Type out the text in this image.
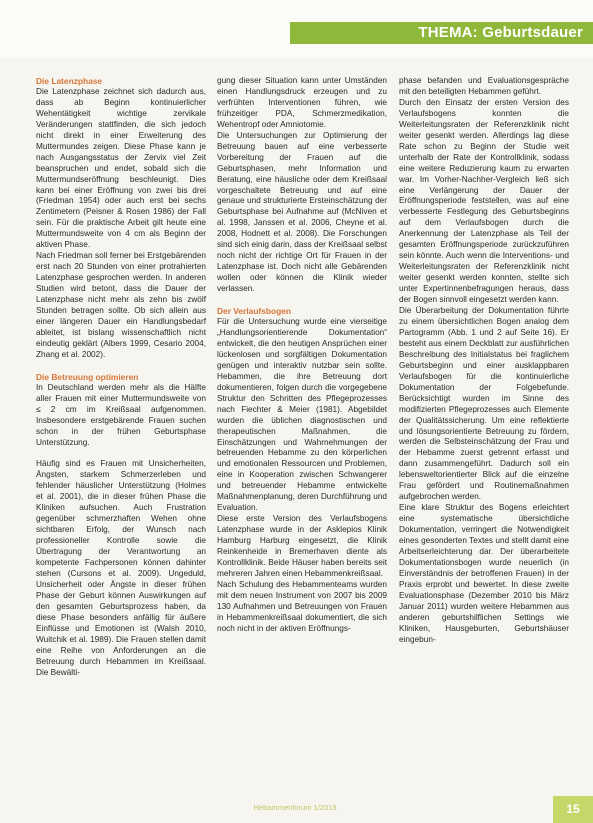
THEMA: Geburtsdauer

Die Latenzphase

Die Latenzphase zeichnet sich dadurch aus, dass ab Beginn kontinuierlicher Wehentätigkeit wichtige zervikale Veränderungen stattfinden, die sich jedoch nicht direkt in einer Erweiterung des Muttermundes zeigen. Diese Phase kann je nach Ausgangsstatus der Zervix viel Zeit beanspruchen und endet, sobald sich die Muttermundseröffnung beschleunigt. Dies kann bei einer Eröffnung von zwei bis drei (Friedman 1954) oder auch erst bei sechs Zentimetern (Peisner & Rosen 1986) der Fall sein. Für die praktische Arbeit gilt heute eine Muttermundsweite von 4 cm als Beginn der aktiven Phase.

Nach Friedman soll ferner bei Erstgebärenden erst nach 20 Stunden von einer protrahierten Latenzphase gesprochen werden. In anderen Studien wird betont, dass die Dauer der Latenzphase nicht mehr als zehn bis zwölf Stunden betragen sollte. Ob sich allein aus einer längeren Dauer ein Handlungsbedarf ableitet, ist bislang wissenschaftlich nicht eindeutig geklärt (Albers 1999, Cesario 2004, Zhang et al. 2002).

Die Betreuung optimieren

In Deutschland werden mehr als die Hälfte aller Frauen mit einer Muttermundsweite von ≤ 2 cm im Kreißsaal aufgenommen. Insbesondere erstgebärende Frauen suchen schon in der frühen Geburtsphase Unterstützung.

Häufig sind es Frauen mit Unsicherheiten, Ängsten, starkem Schmerzerleben und fehlender häuslicher Unterstützung (Holmes et al. 2001), die in dieser frühen Phase die Kliniken aufsuchen. Auch Frustration gegenüber schmerzhaften Wehen ohne sichtbaren Erfolg, der Wunsch nach professioneller Kontrolle sowie die Übertragung der Verantwortung an kompetente Fachpersonen können dahinter stehen (Cursons et al. 2009). Ungeduld, Unsicherheit oder Ängste in dieser frühen Phase der Geburt können Auswirkungen auf den gesamten Geburtsprozess haben, da diese Phase besonders anfällig für äußere Einflüsse und Emotionen ist (Walsh 2010, Wuitchik et al. 1989). Die Frauen stellen damit eine Reihe von Anforderungen an die Betreuung durch Hebammen im Kreißsaal. Die Bewälti-

gung dieser Situation kann unter Umständen einen Handlungsdruck erzeugen und zu verfrühten Interventionen führen, wie frühzeitiger PDA, Schmerzmedikation, Wehentropf oder Amniotomie.

Die Untersuchungen zur Optimierung der Betreuung bauen auf eine verbesserte Vorbereitung der Frauen auf die Geburtsphasen, mehr Information und Beratung, eine häusliche oder dem Kreißsaal vorgeschaltete Betreuung und auf eine genaue und strukturierte Ersteinschätzung der Geburtsphase bei Aufnahme auf (McNiven et al. 1998, Janssen et al. 2006, Cheyne et al. 2008, Hodnett et al. 2008). Die Forschungen sind sich einig darin, dass der Kreißsaal selbst noch nicht der richtige Ort für Frauen in der Latenzphase ist. Doch nicht alle Gebärenden wollen oder können die Klinik wieder verlassen.

Der Verlaufsbogen

Für die Untersuchung wurde eine vierseitige „Handlungsorientierende Dokumentation“ entwickelt, die den heutigen Ansprüchen einer lückenlosen und sorgfältigen Dokumentation genügen und interaktiv nutzbar sein sollte. Hebammen, die ihre Betreuung dort dokumentieren, folgen durch die vorgegebene Struktur den Schritten des Pflegeprozesses nach Fiechter & Meier (1981). Abgebildet wurden die üblichen diagnostischen und therapeutischen Maßnahmen, die Einschätzungen und Wahrnehmungen der betreuenden Hebamme zu den körperlichen und emotionalen Ressourcen und Problemen, eine in Kooperation zwischen Schwangerer und betreuender Hebamme entwickelte Maßnahmenplanung, deren Durchführung und Evaluation.

Diese erste Version des Verlaufsbogens Latenzphase wurde in der Asklepios Klinik Hamburg Harburg eingesetzt, die Klinik Reinkenheide in Bremerhaven diente als Kontrollklinik. Beide Häuser haben bereits seit mehreren Jahren einen Hebammenkreißsaal.

Nach Schulung des Hebammenteams wurden mit dem neuen Instrument von 2007 bis 2009 130 Aufnahmen und Betreuungen von Frauen in Hebammenkreißsaal dokumentiert, die sich noch nicht in der aktiven Eröffnungs-

phase befanden und Evaluationsgespräche mit den beteiligten Hebammen geführt.

Durch den Einsatz der ersten Version des Verlaufsbogens konnten die Weiterleitungsraten der Referenzklinik nicht weiter gesenkt werden. Allerdings lag diese Rate schon zu Beginn der Studie weit unterhalb der Rate der Kontrollklinik, sodass eine weitere Reduzierung kaum zu erwarten war. Im Vorher-Nachher-Vergleich ließ sich eine Verlängerung der Dauer der Eröffnungsperiode feststellen, was auf eine verbesserte Festlegung des Geburtsbeginns auf dem Verlaufsbogen durch die Anerkennung der Latenzphase als Teil der gesamten Eröffnungsperiode zurückzuführen sein könnte. Auch wenn die Interventions- und Weiterleitungsraten der Referenzklinik nicht weiter gesenkt werden konnten, stellte sich unter Expertinnenbefragungen heraus, dass der Bogen sinnvoll eingesetzt werden kann.

Die Überarbeitung der Dokumentation führte zu einem übersichtlichen Bogen analog dem Partogramm (Abb. 1 und 2 auf Seite 16). Er besteht aus einem Deckblatt zur ausführlichen Beschreibung des Initialstatus bei fraglichem Geburtsbeginn und einer ausklappbaren Verlaufsbogen für die kontinuierliche Dokumentation der Folgebefunde. Berücksichtigt wurden im Sinne des modifizierten Pflegeprozesses auch Elemente der Qualitätssicherung. Um eine reflektierte und lösungsorientierte Betreuung zu fördern, werden die Selbsteinschätzung der Frau und der Hebamme zuerst getrennt erfasst und dann zusammengeführt. Dadurch soll ein lebensweltorientierter Blick auf die einzelne Frau gefördert und Routinemaßnahmen aufgebrochen werden.

Eine klare Struktur des Bogens erleichtert eine systematische übersichtliche Dokumentation, verringert die Notwendigkeit eines gesonderten Textes und stellt damit eine Arbeitserleichterung dar. Der überarbeitete Dokumentationsbogen wurde neuerlich (in Einverständnis der betroffenen Frauen) in der Praxis erprobt und bewertet. In diese zweite Evaluationsphase (Dezember 2010 bis März Januar 2011) wurden weitere Hebammen aus anderen geburtshilflichen Settings wie Kliniken, Hausgeburten, Geburtshäuser eingebun-

Hebammenforum 1/2013	15
